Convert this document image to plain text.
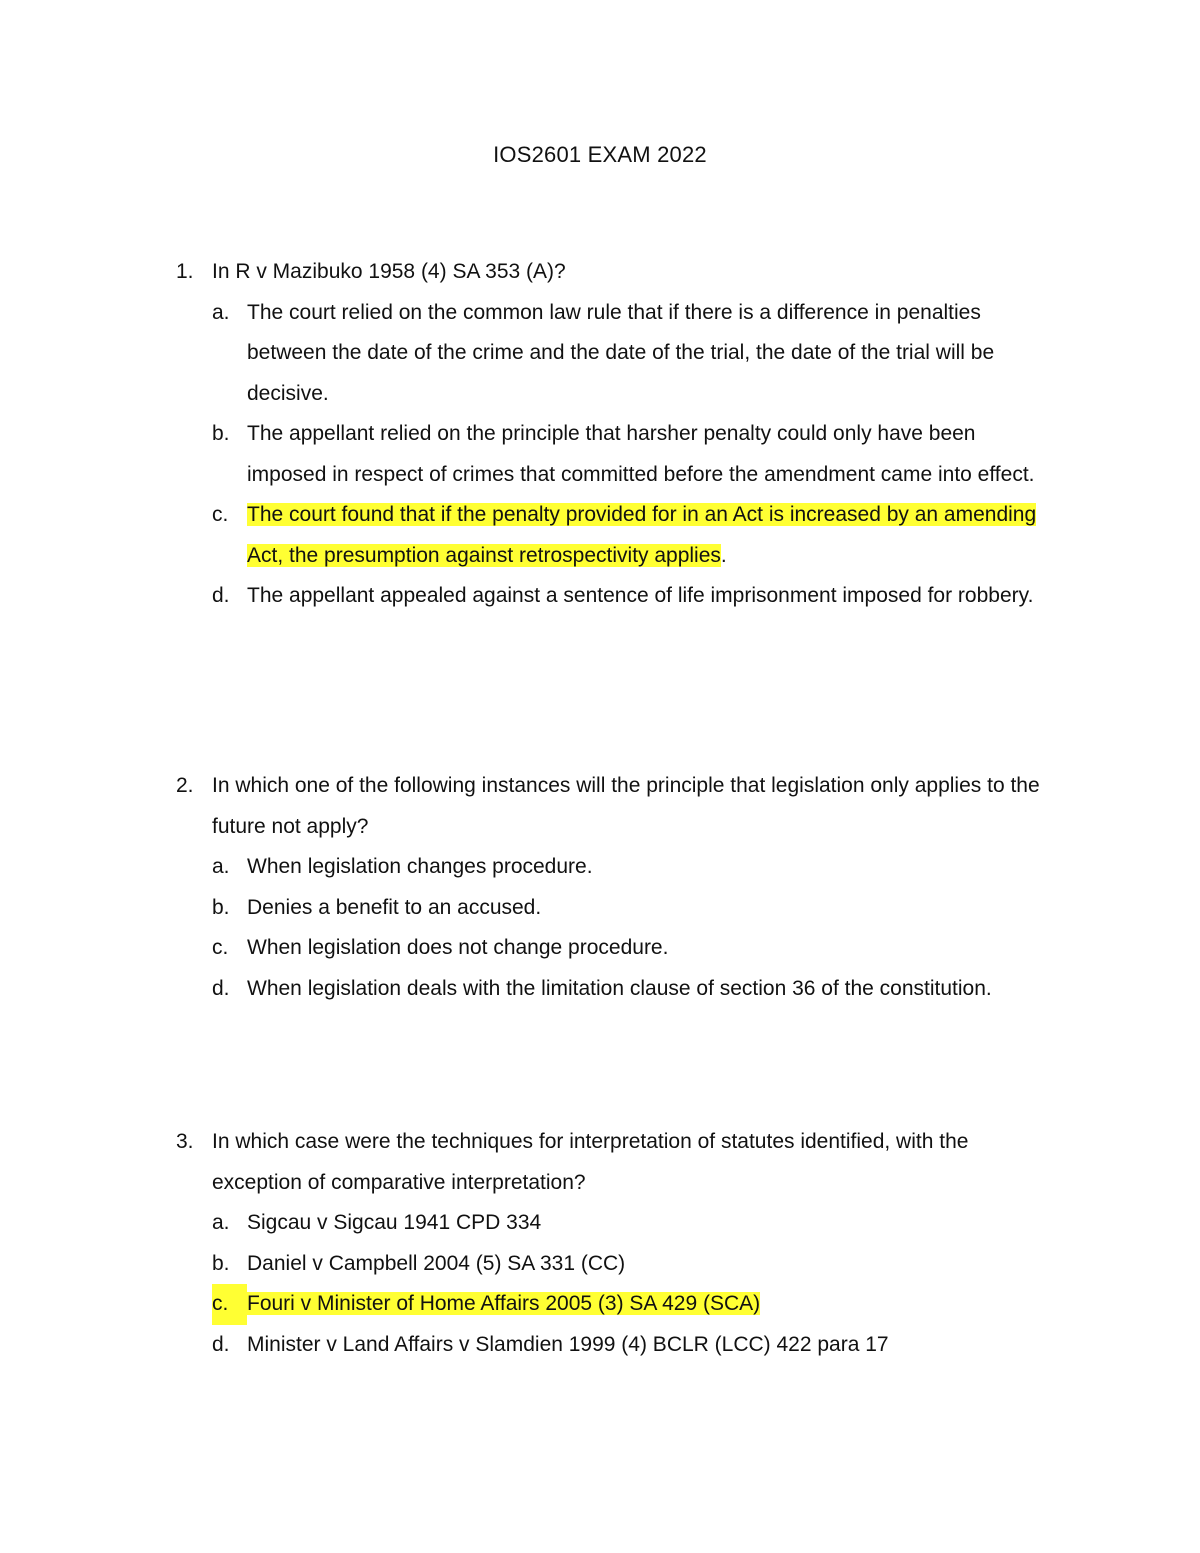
IOS2601 EXAM 2022
1. In R v Mazibuko 1958 (4) SA 353 (A)?
a. The court relied on the common law rule that if there is a difference in penalties between the date of the crime and the date of the trial, the date of the trial will be decisive.
b. The appellant relied on the principle that harsher penalty could only have been imposed in respect of crimes that committed before the amendment came into effect.
c. The court found that if the penalty provided for in an Act is increased by an amending Act, the presumption against retrospectivity applies.
d. The appellant appealed against a sentence of life imprisonment imposed for robbery.
2. In which one of the following instances will the principle that legislation only applies to the future not apply?
a. When legislation changes procedure.
b. Denies a benefit to an accused.
c. When legislation does not change procedure.
d. When legislation deals with the limitation clause of section 36 of the constitution.
3. In which case were the techniques for interpretation of statutes identified, with the exception of comparative interpretation?
a. Sigcau v Sigcau 1941 CPD 334
b. Daniel v Campbell 2004 (5) SA 331 (CC)
c. Fouri v Minister of Home Affairs 2005 (3) SA 429 (SCA)
d. Minister v Land Affairs v Slamdien 1999 (4) BCLR (LCC) 422 para 17
